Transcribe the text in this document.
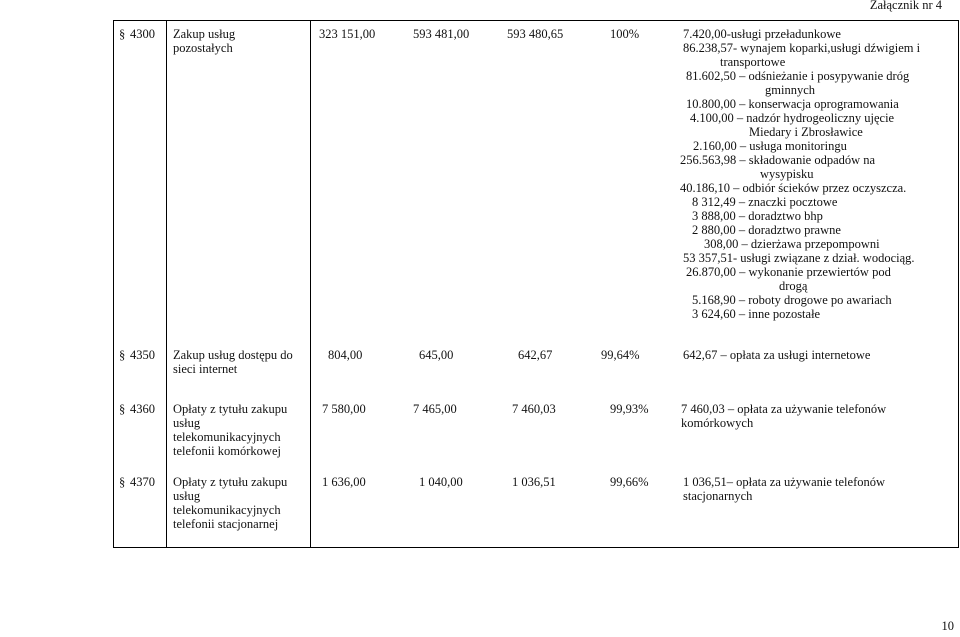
Załącznik nr 4
§ 4300 Zakup usług pozostałych
323 151,00	593 481,00	593 480,65	100%	7.420,00-usługi przeładunkowe
86.238,57- wynajem koparki,usługi dźwigiem i
transportowe
81.602,50 – odśnieżanie i posypywanie dróg
gminnych
10.800,00 – konserwacja oprogramowania
4.100,00 – nadzór hydrogeoliczny ujęcie
Miedary i Zbrosławice
2.160,00 – usługa monitoringu
256.563,98 – składowanie odpadów na
wysypisku
40.186,10 – odbiór ścieków przez oczyszcza.
8 312,49 – znaczki pocztowe
3 888,00 – doradztwo bhp
2 880,00 – doradztwo prawne
308,00 – dzierżawa przepompowni
53 357,51- usługi związane z dział. wodociąg.
26.870,00 – wykonanie przewiertów pod
drogą
5.168,90 – roboty drogowe po awariach
3 624,60 – inne pozostałe
§ 4350 Zakup usług dostępu do sieci internet
804,00	645,00	642,67	99,64%	642,67 – opłata za usługi internetowe
§ 4360 Opłaty z tytułu zakupu usług telekomunikacyjnych telefonii komórkowej
7 580,00	7 465,00	7 460,03	99,93%	7 460,03 – opłata za używanie telefonów
komórkowych
§ 4370 Opłaty z tytułu zakupu usług telekomunikacyjnych telefonii stacjonarnej
1 636,00	1 040,00	1 036,51	99,66%	1 036,51– opłata za używanie telefonów
stacjonarnych
10
